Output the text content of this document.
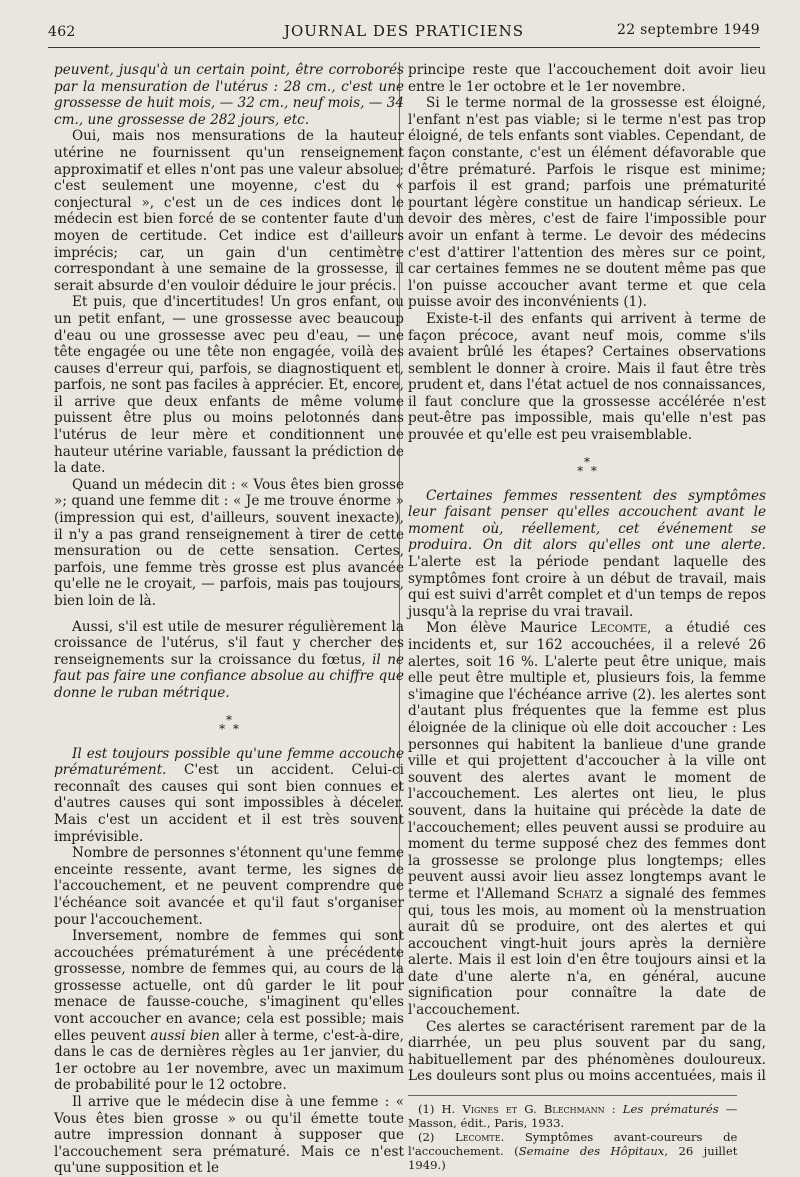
462	JOURNAL DES PRATICIENS	22 septembre 1949

peuvent, jusqu'à un certain point, être corroborés par la mensuration de l'utérus : 28 cm., c'est une grossesse de huit mois, — 32 cm., neuf mois, — 34 cm., une grossesse de 282 jours, etc.

Oui, mais nos mensurations de la hauteur utérine ne fournissent qu'un renseignement approximatif et elles n'ont pas une valeur absolue; c'est seulement une moyenne, c'est du « conjectural », c'est un de ces indices dont le médecin est bien forcé de se contenter faute d'un moyen de certitude. Cet indice est d'ailleurs imprécis; car, un gain d'un centimètre correspondant à une semaine de la grossesse, il serait absurde d'en vouloir déduire le jour précis.

Et puis, que d'incertitudes! Un gros enfant, ou un petit enfant, — une grossesse avec beaucoup d'eau ou une grossesse avec peu d'eau, — une tête engagée ou une tête non engagée, voilà des causes d'erreur qui, parfois, se diagnostiquent et, parfois, ne sont pas faciles à apprécier. Et, encore, il arrive que deux enfants de même volume puissent être plus ou moins pelotonnés dans l'utérus de leur mère et conditionnent une hauteur utérine variable, faussant la prédiction de la date.

Quand un médecin dit : « Vous êtes bien grosse »; quand une femme dit : « Je me trouve énorme » (impression qui est, d'ailleurs, souvent inexacte), il n'y a pas grand renseignement à tirer de cette mensuration ou de cette sensation. Certes, parfois, une femme très grosse est plus avancée qu'elle ne le croyait, — parfois, mais pas toujours, bien loin de là.

Aussi, s'il est utile de mesurer régulièrement la croissance de l'utérus, s'il faut y chercher des renseignements sur la croissance du fœtus, il ne faut pas faire une confiance absolue au chiffre que donne le ruban métrique.

*
* *

Il est toujours possible qu'une femme accouche prématurément. C'est un accident. Celui-ci reconnaît des causes qui sont bien connues et d'autres causes qui sont impossibles à déceler. Mais c'est un accident et il est très souvent imprévisible.

Nombre de personnes s'étonnent qu'une femme enceinte ressente, avant terme, les signes de l'accouchement, et ne peuvent comprendre que l'échéance soit avancée et qu'il faut s'organiser pour l'accouchement.

Inversement, nombre de femmes qui sont accouchées prématurément à une précédente grossesse, nombre de femmes qui, au cours de la grossesse actuelle, ont dû garder le lit pour menace de fausse-couche, s'imaginent qu'elles vont accoucher en avance; cela est possible; mais elles peuvent aussi bien aller à terme, c'est-à-dire, dans le cas de dernières règles au 1er janvier, du 1er octobre au 1er novembre, avec un maximum de probabilité pour le 12 octobre.

Il arrive que le médecin dise à une femme : « Vous êtes bien grosse » ou qu'il émette toute autre impression donnant à supposer que l'accouchement sera prématuré. Mais ce n'est qu'une supposition et le

principe reste que l'accouchement doit avoir lieu entre le 1er octobre et le 1er novembre.

Si le terme normal de la grossesse est éloigné, l'enfant n'est pas viable; si le terme n'est pas trop éloigné, de tels enfants sont viables. Cependant, de façon constante, c'est un élément défavorable que d'être prématuré. Parfois le risque est minime; parfois il est grand; parfois une prématurité pourtant légère constitue un handicap sérieux. Le devoir des mères, c'est de faire l'impossible pour avoir un enfant à terme. Le devoir des médecins c'est d'attirer l'attention des mères sur ce point, car certaines femmes ne se doutent même pas que l'on puisse accoucher avant terme et que cela puisse avoir des inconvénients (1).

Existe-t-il des enfants qui arrivent à terme de façon précoce, avant neuf mois, comme s'ils avaient brûlé les étapes? Certaines observations semblent le donner à croire. Mais il faut être très prudent et, dans l'état actuel de nos connaissances, il faut conclure que la grossesse accélérée n'est peut-être pas impossible, mais qu'elle n'est pas prouvée et qu'elle est peu vraisemblable.

*
* *

Certaines femmes ressentent des symptômes leur faisant penser qu'elles accouchent avant le moment où, réellement, cet événement se produira. On dit alors qu'elles ont une alerte. L'alerte est la période pendant laquelle des symptômes font croire à un début de travail, mais qui est suivi d'arrêt complet et d'un temps de repos jusqu'à la reprise du vrai travail.

Mon élève Maurice Lecomte, a étudié ces incidents et, sur 162 accouchées, il a relevé 26 alertes, soit 16 %. L'alerte peut être unique, mais elle peut être multiple et, plusieurs fois, la femme s'imagine que l'échéance arrive (2). les alertes sont d'autant plus fréquentes que la femme est plus éloignée de la clinique où elle doit accoucher : Les personnes qui habitent la banlieue d'une grande ville et qui projettent d'accoucher à la ville ont souvent des alertes avant le moment de l'accouchement. Les alertes ont lieu, le plus souvent, dans la huitaine qui précède la date de l'accouchement; elles peuvent aussi se produire au moment du terme supposé chez des femmes dont la grossesse se prolonge plus longtemps; elles peuvent aussi avoir lieu assez longtemps avant le terme et l'Allemand Schatz a signalé des femmes qui, tous les mois, au moment où la menstruation aurait dû se produire, ont des alertes et qui accouchent vingt-huit jours après la dernière alerte. Mais il est loin d'en être toujours ainsi et la date d'une alerte n'a, en général, aucune signification pour connaître la date de l'accouchement.

Ces alertes se caractérisent rarement par de la diarrhée, un peu plus souvent par du sang, habituellement par des phénomènes douloureux. Les douleurs sont plus ou moins accentuées, mais il

(1) H. Vignes et G. Blechmann : Les prématurés — Masson, édit., Paris, 1933.

(2) Lecomte. Symptômes avant-coureurs de l'accouchement. (Semaine des Hôpitaux, 26 juillet 1949.)
